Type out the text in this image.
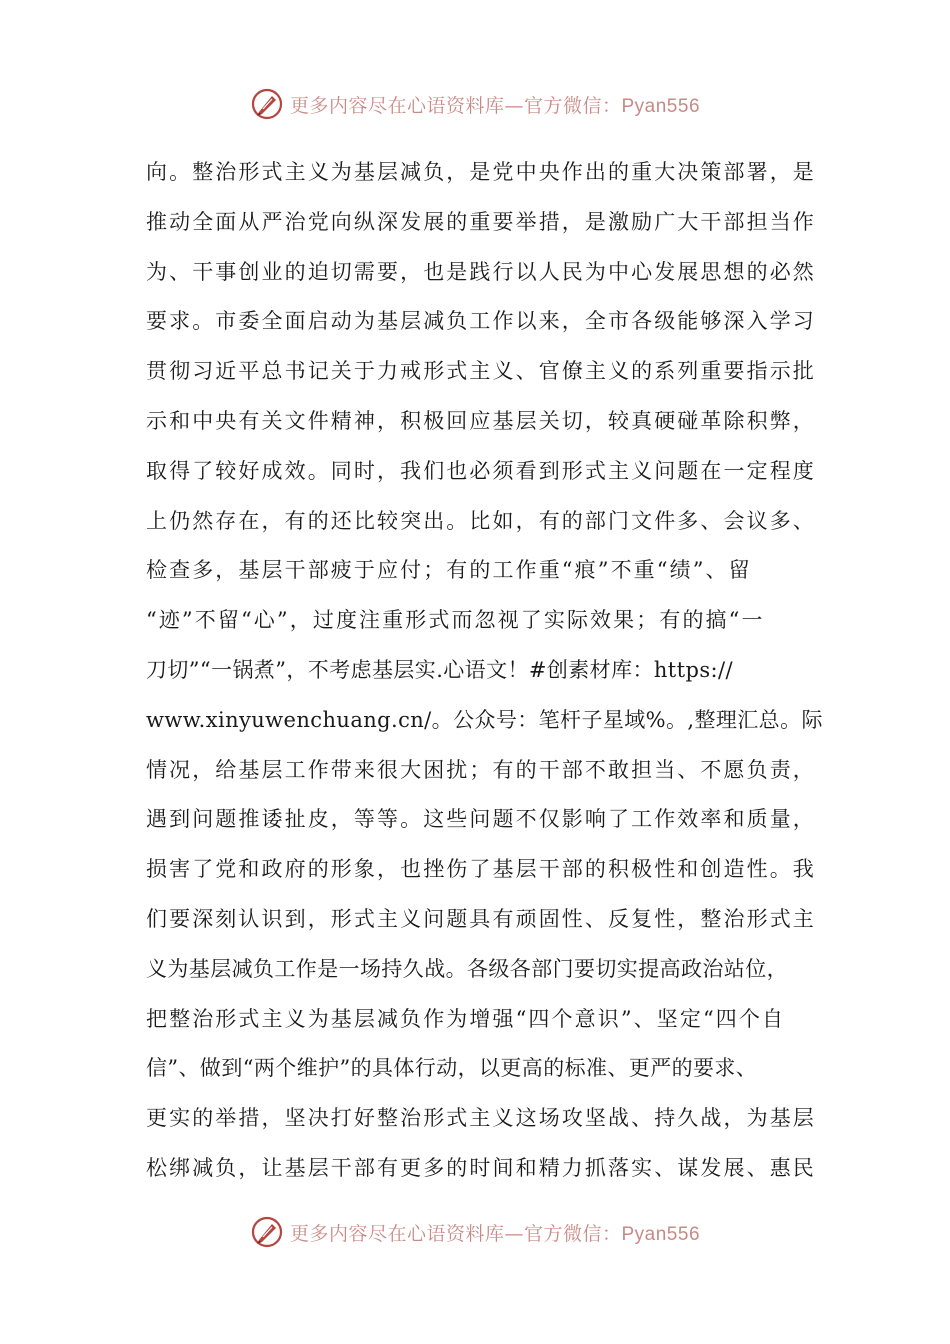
更多内容尽在心语资料库—官方微信：Pyan556
向。整治形式主义为基层减负，是党中央作出的重大决策部署，是
推动全面从严治党向纵深发展的重要举措，是激励广大干部担当作
为、干事创业的迫切需要，也是践行以人民为中心发展思想的必然
要求。市委全面启动为基层减负工作以来，全市各级能够深入学习
贯彻习近平总书记关于力戒形式主义、官僚主义的系列重要指示批
示和中央有关文件精神，积极回应基层关切，较真硬碰革除积弊，
取得了较好成效。同时，我们也必须看到形式主义问题在一定程度
上仍然存在，有的还比较突出。比如，有的部门文件多、会议多、
检查多，基层干部疲于应付；有的工作重“痕”不重“绩”、留
“迹”不留“心”，过度注重形式而忽视了实际效果；有的搞“一
刀切”“一锅煮”，不考虑基层实.心语文！#创素材库：https://
www.xinyuwenchuang.cn/。公众号：笔杆子星域%。,整理汇总。际
情况，给基层工作带来很大困扰；有的干部不敢担当、不愿负责，
遇到问题推诿扯皮，等等。这些问题不仅影响了工作效率和质量，
损害了党和政府的形象，也挫伤了基层干部的积极性和创造性。我
们要深刻认识到，形式主义问题具有顽固性、反复性，整治形式主
义为基层减负工作是一场持久战。各级各部门要切实提高政治站位，
把整治形式主义为基层减负作为增强“四个意识”、坚定“四个自
信”、做到“两个维护”的具体行动，以更高的标准、更严的要求、
更实的举措，坚决打好整治形式主义这场攻坚战、持久战，为基层
松绑减负，让基层干部有更多的时间和精力抓落实、谋发展、惠民
更多内容尽在心语资料库—官方微信：Pyan556
